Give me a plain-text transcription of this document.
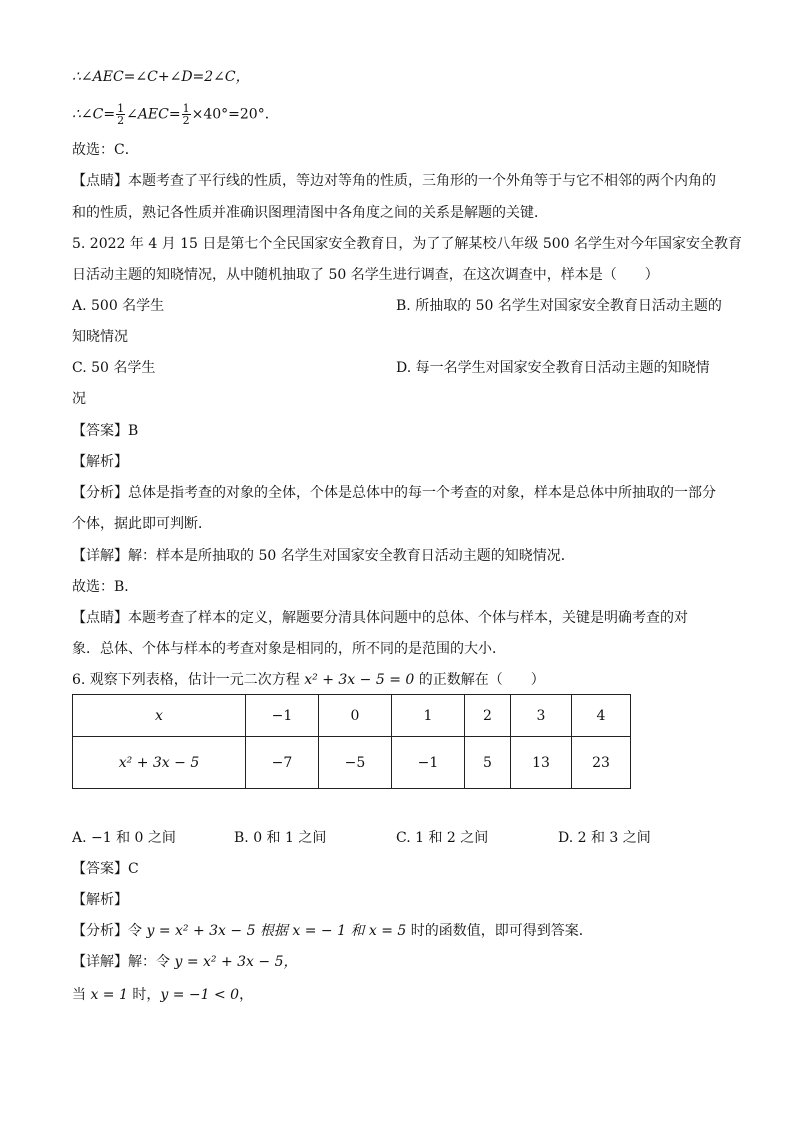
∴∠AEC=∠C+∠D=2∠C，
∴∠C= $\frac{1}{2}$ ∠AEC= $\frac{1}{2} \times 40^\circ=20^\circ$．
故选：C．
【点睛】本题考查了平行线的性质，等边对等角的性质，三角形的一个外角等于与它不相邻的两个内角的
和的性质，熟记各性质并准确识图理清图中各角度之间的关系是解题的关键．
5. 2022 年 4 月 15 日是第七个全民国家安全教育日，为了了解某校八年级 500 名学生对今年国家安全教育
日活动主题的知晓情况，从中随机抽取了 50 名学生进行调查，在这次调查中，样本是（　　）
A. 500 名学生	B. 所抽取的 50 名学生对国家安全教育日活动主题的
知晓情况
C. 50 名学生	D. 每一名学生对国家安全教育日活动主题的知晓情
况
【答案】B
【解析】
【分析】总体是指考查的对象的全体，个体是总体中的每一个考查的对象，样本是总体中所抽取的一部分
个体，据此即可判断．
【详解】解：样本是所抽取的 50 名学生对国家安全教育日活动主题的知晓情况．
故选：B．
【点睛】本题考查了样本的定义，解题要分清具体问题中的总体、个体与样本，关键是明确考查的对
象．总体、个体与样本的考查对象是相同的，所不同的是范围的大小．
6. 观察下列表格，估计一元二次方程 x² + 3x − 5 = 0 的正数解在（　　）
x	−1	0	1	2	3	4
x² + 3x − 5	−7	−5	−1	5	13	23
A. −1 和 0 之间	B. 0 和 1 之间	C. 1 和 2 之间	D. 2 和 3 之间
【答案】C
【解析】
【分析】令 y = x² + 3x − 5 根据 x = − 1 和 x = 5 时的函数值，即可得到答案．
【详解】解：令 y = x² + 3x − 5，
当 x = 1 时，y = −1 < 0，
